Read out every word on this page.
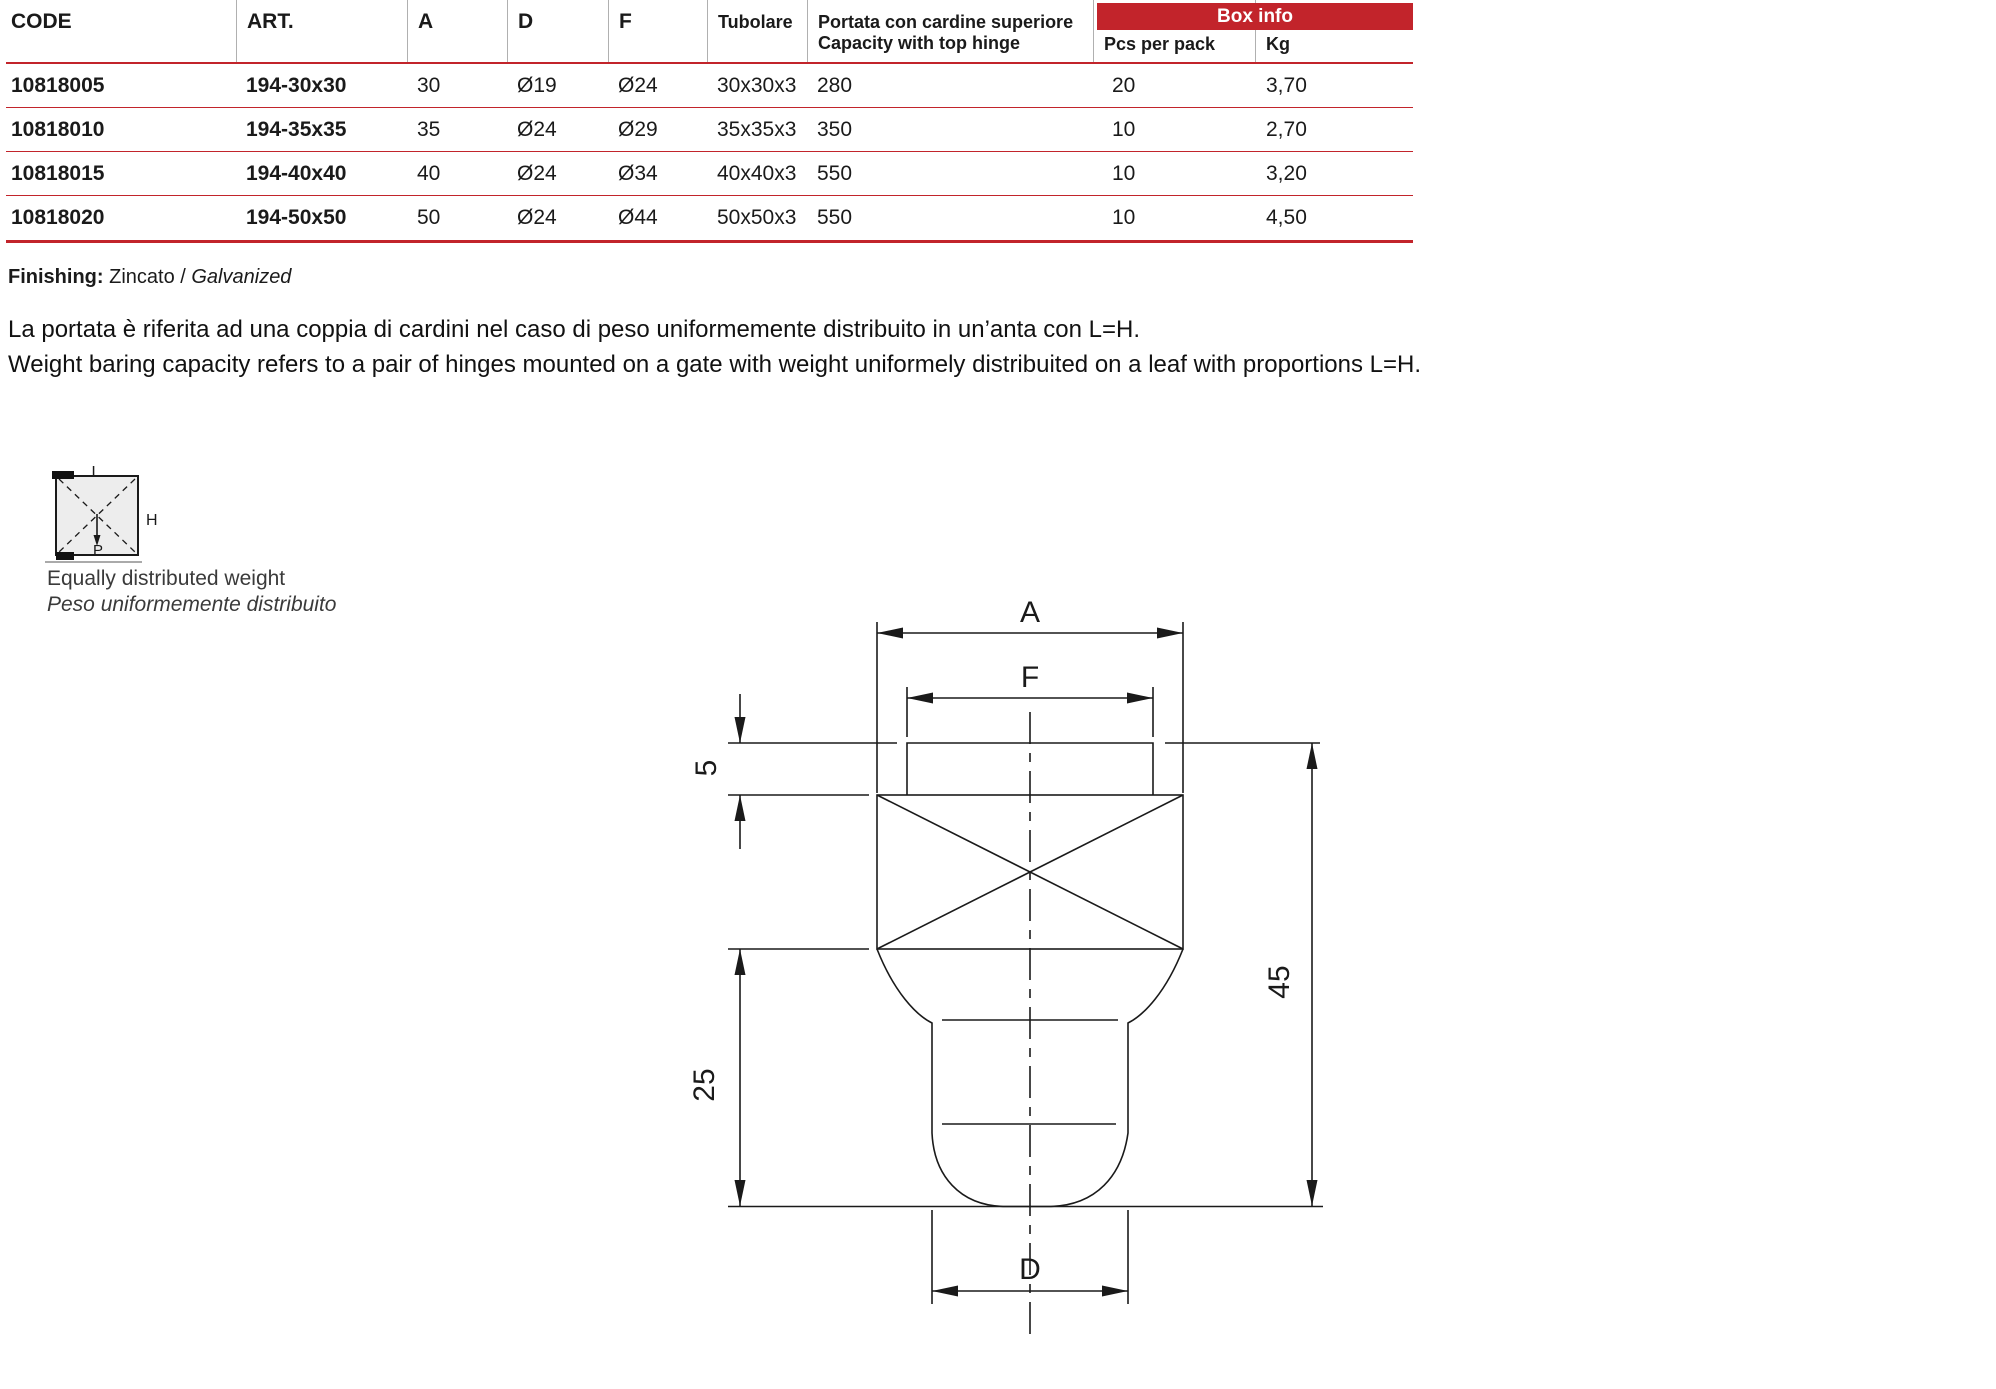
CODE	ART.	A	D	F	Tubolare	Portata con cardine superiore
Capacity with top hinge	Pcs per pack	Kg
Box info
10818005	194-30x30	30	Ø19	Ø24	30x30x3 280	20	3,70
10818010	194-35x35	35	Ø24	Ø29	35x35x3 350	10	2,70
10818015	194-40x40	40	Ø24	Ø34	40x40x3 550	10	3,20
10818020	194-50x50	50	Ø24	Ø44	50x50x3 550	10	4,50
Finishing: Zincato / Galvanized
La portata è riferita ad una coppia di cardini nel caso di peso uniformemente distribuito in un’anta con L=H.
Weight baring capacity refers to a pair of hinges mounted on a gate with weight uniformely distribuited on a leaf with proportions L=H.
L
H
P
Equally distributed weight
Peso uniformemente distribuito	A
F
5
25
45
D
